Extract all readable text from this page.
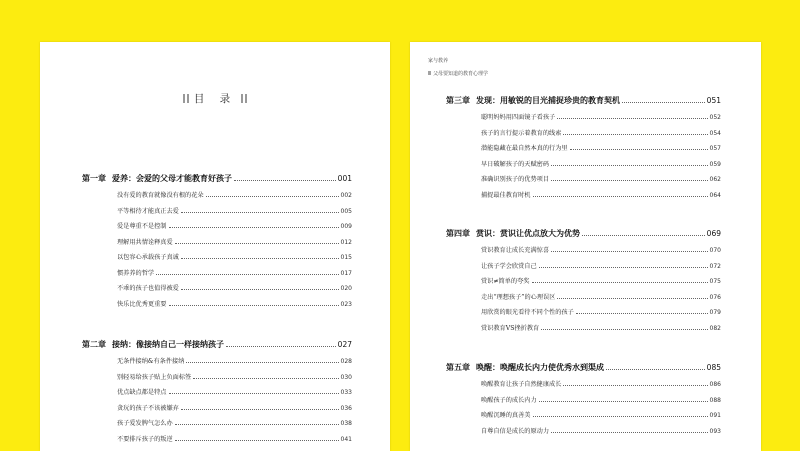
目 录
第一章 爱养：会爱的父母才能教育好孩子	001
没有爱的教育就像没有根的花朵	002
平等相待才能真正去爱	005
爱是尊重不是控制	009
理解用共情诠释真爱	012
以包容心承载孩子真诚	015
惯养养的哲学	017
不乖的孩子也值得被爱	020
快乐比优秀更重要	023
第二章 接纳：像接纳自己一样接纳孩子	027
无条件接纳&有条件接纳	028
别轻易给孩子贴上负面标签	030
优点缺点都是特点	033
贪玩的孩子不该被嫌弃	036
孩子爱发脾气怎么办	038
不要排斥孩子的叛逆	041
家与教养
Ⅲ 父母要知道的教育心理学
第三章 发现：用敏锐的目光捕捉珍贵的教育契机	051
聪明妈妈用四面镜子看孩子	052
孩子的言行提示着教育的线索	054
潜能隐藏在最自然本真的行为里	057
早日破解孩子的天赋密码	059
准确识别孩子的优势项目	062
捕捉最佳教育时机	064
第四章 赏识：赏识让优点放大为优势	069
赏识教育让成长充满惊喜	070
让孩子学会欣赏自己	072
赏识≠简单的夸奖	075
走出“理想孩子”的心理误区	076
用欣赏的眼光看待不同个性的孩子	079
赏识教育VS挫折教育	082
第五章 唤醒：唤醒成长内力使优秀水到渠成	085
唤醒教育让孩子自然健康成长	086
唤醒孩子的成长内力	088
唤醒沉睡的真善美	091
自尊自信是成长的原动力	093
